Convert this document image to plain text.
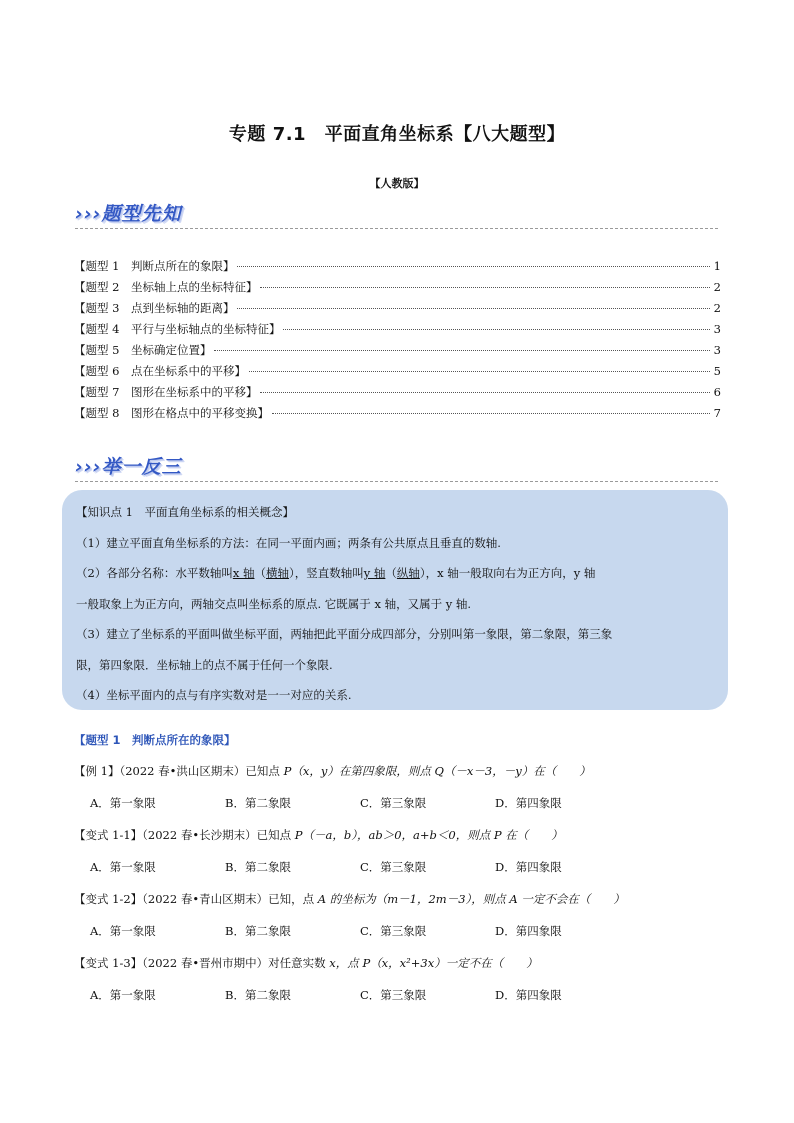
专题 7.1　平面直角坐标系【八大题型】
【人教版】
›››题型先知
【题型 1　判断点所在的象限】	1
【题型 2　坐标轴上点的坐标特征】	2
【题型 3　点到坐标轴的距离】	2
【题型 4　平行与坐标轴点的坐标特征】	3
【题型 5　坐标确定位置】	3
【题型 6　点在坐标系中的平移】	5
【题型 7　图形在坐标系中的平移】	6
【题型 8　图形在格点中的平移变换】	7
›››举一反三

【知识点 1　平面直角坐标系的相关概念】

（1）建立平面直角坐标系的方法：在同一平面内画；两条有公共原点且垂直的数轴.

（2）各部分名称：水平数轴叫x 轴（横轴），竖直数轴叫y 轴（纵轴），x 轴一般取向右为正方向，y 轴

一般取象上为正方向，两轴交点叫坐标系的原点. 它既属于 x 轴，又属于 y 轴.

（3）建立了坐标系的平面叫做坐标平面，两轴把此平面分成四部分，分别叫第一象限，第二象限，第三象

限，第四象限．坐标轴上的点不属于任何一个象限.

（4）坐标平面内的点与有序实数对是一一对应的关系.

【题型 1　判断点所在的象限】
【例 1】（2022 春•洪山区期末）已知点 P（x，y）在第四象限，则点 Q（－x－3，－y）在（　　）
A．第一象限	B．第二象限	C．第三象限	D．第四象限
【变式 1-1】（2022 春•长沙期末）已知点 P（－a，b），ab＞0，a+b＜0，则点 P 在（　　）
A．第一象限	B．第二象限	C．第三象限	D．第四象限
【变式 1-2】（2022 春•青山区期末）已知，点 A 的坐标为（m－1，2m－3），则点 A 一定不会在（　　）
A．第一象限	B．第二象限	C．第三象限	D．第四象限
【变式 1-3】（2022 春•晋州市期中）对任意实数 x，点 P（x，x²+3x）一定不在（　　）
A．第一象限	B．第二象限	C．第三象限	D．第四象限
